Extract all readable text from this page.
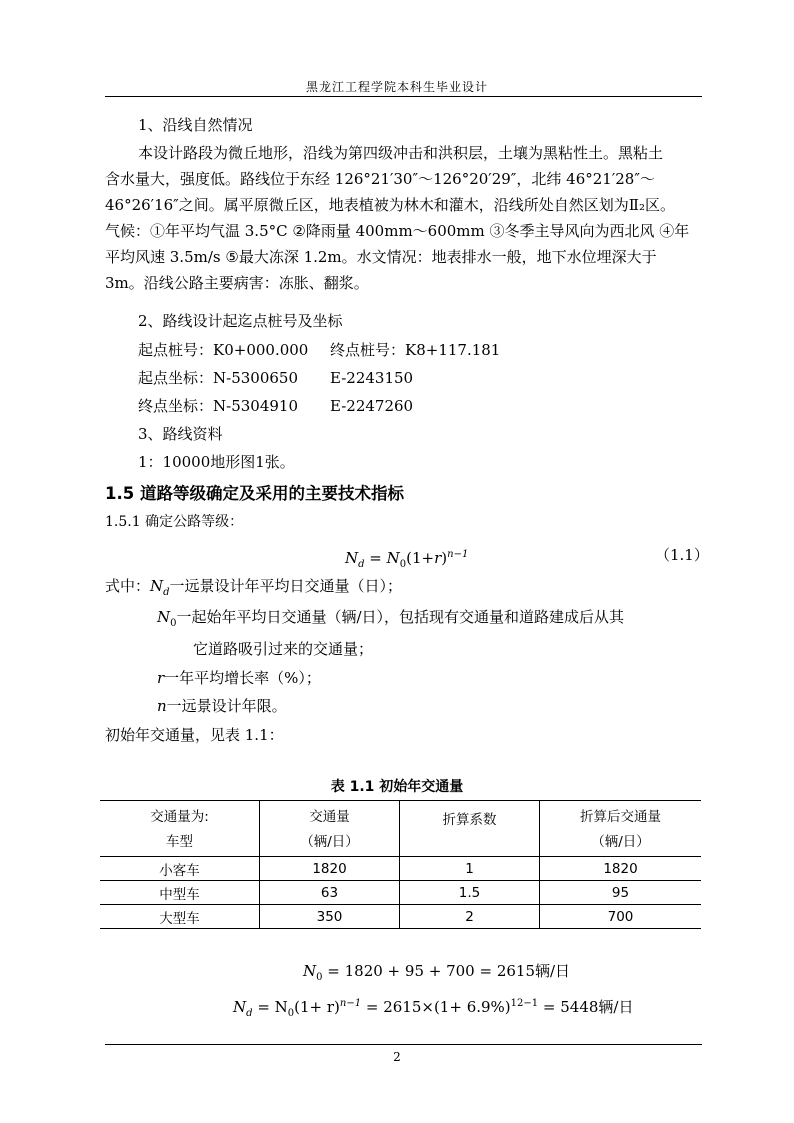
黑龙江工程学院本科生毕业设计
1、沿线自然情况
本设计路段为微丘地形，沿线为第四级冲击和洪积层，土壤为黑粘性土。黑粘土
含水量大，强度低。路线位于东经 126°21′30″～126°20′29″，北纬 46°21′28″～
46°26′16″之间。属平原微丘区，地表植被为林木和灌木，沿线所处自然区划为Ⅱ₂区。
气候：①年平均气温 3.5°C ②降雨量 400mm～600mm ③冬季主导风向为西北风 ④年
平均风速 3.5m/s ⑤最大冻深 1.2m。水文情况：地表排水一般，地下水位埋深大于
3m。沿线公路主要病害：冻胀、翻浆。
2、路线设计起迄点桩号及坐标
起点桩号：K0+000.000 终点桩号：K8+117.181
起点坐标：N-5300650 E-2243150
终点坐标：N-5304910 E-2247260
3、路线资料
1：10000地形图1张。
1.5 道路等级确定及采用的主要技术指标
1.5.1 确定公路等级：
$N_d = N_0(1+r)^{n-1}$	（1.1）
式中：$N_d$一远景设计年平均日交通量（日）；
$N_0$一起始年平均日交通量（辆/日），包括现有交通量和道路建成后从其
它道路吸引过来的交通量；
r一年平均增长率（%）；
n一远景设计年限。
初始年交通量，见表 1.1：
表 1.1 初始年交通量
交通量为:	交通量	折算系数	折算后交通量
车型	（辆/日）		（辆/日）
小客车	1820	1	1820
中型车	63	1.5	95
大型车	350	2	700
$N_0 = 1820 + 95 + 700 = 2615$辆/日
$N_d = N_0(1+ r)^{n-1} = 2615\times(1+ 6.9\%)^{12-1} = 5448$辆/日
2
